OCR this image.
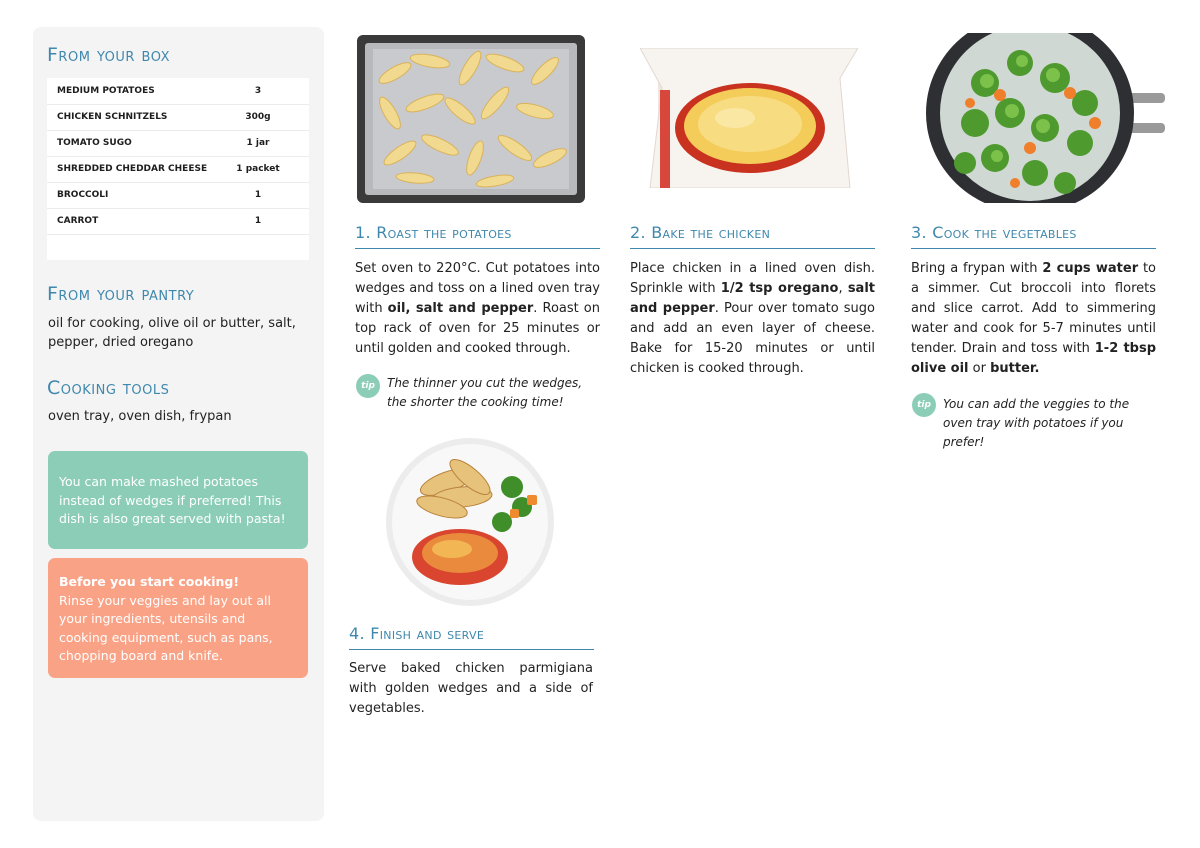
From your box
MEDIUM POTATOES	3
CHICKEN SCHNITZELS	300g
TOMATO SUGO	1 jar
SHREDDED CHEDDAR CHEESE	1 packet
BROCCOLI	1
CARROT	1

From your pantry
oil for cooking, olive oil or butter, salt, pepper, dried oregano
Cooking tools
oven tray, oven dish, frypan
You can make mashed potatoes instead of wedges if preferred! This dish is also great served with pasta!
Before you start cooking!
Rinse your veggies and lay out all your ingredients, utensils and cooking equipment, such as pans, chopping board and knife.
1. Roast the potatoes
Set oven to 220°C. Cut potatoes into wedges and toss on a lined oven tray with oil, salt and pepper. Roast on top rack of oven for 25 minutes or until golden and cooked through.
tip	The thinner you cut the wedges, the shorter the cooking time!
2. Bake the chicken
Place chicken in a lined oven dish. Sprinkle with 1/2 tsp oregano, salt and pepper. Pour over tomato sugo and add an even layer of cheese. Bake for 15-20 minutes or until chicken is cooked through.
3. Cook the vegetables
Bring a frypan with 2 cups water to a simmer. Cut broccoli into florets and slice carrot. Add to simmering water and cook for 5-7 minutes until tender. Drain and toss with 1-2 tbsp olive oil or butter.
tip	You can add the veggies to the oven tray with potatoes if you prefer!
4. Finish and serve
Serve baked chicken parmigiana with golden wedges and a side of vegetables.
